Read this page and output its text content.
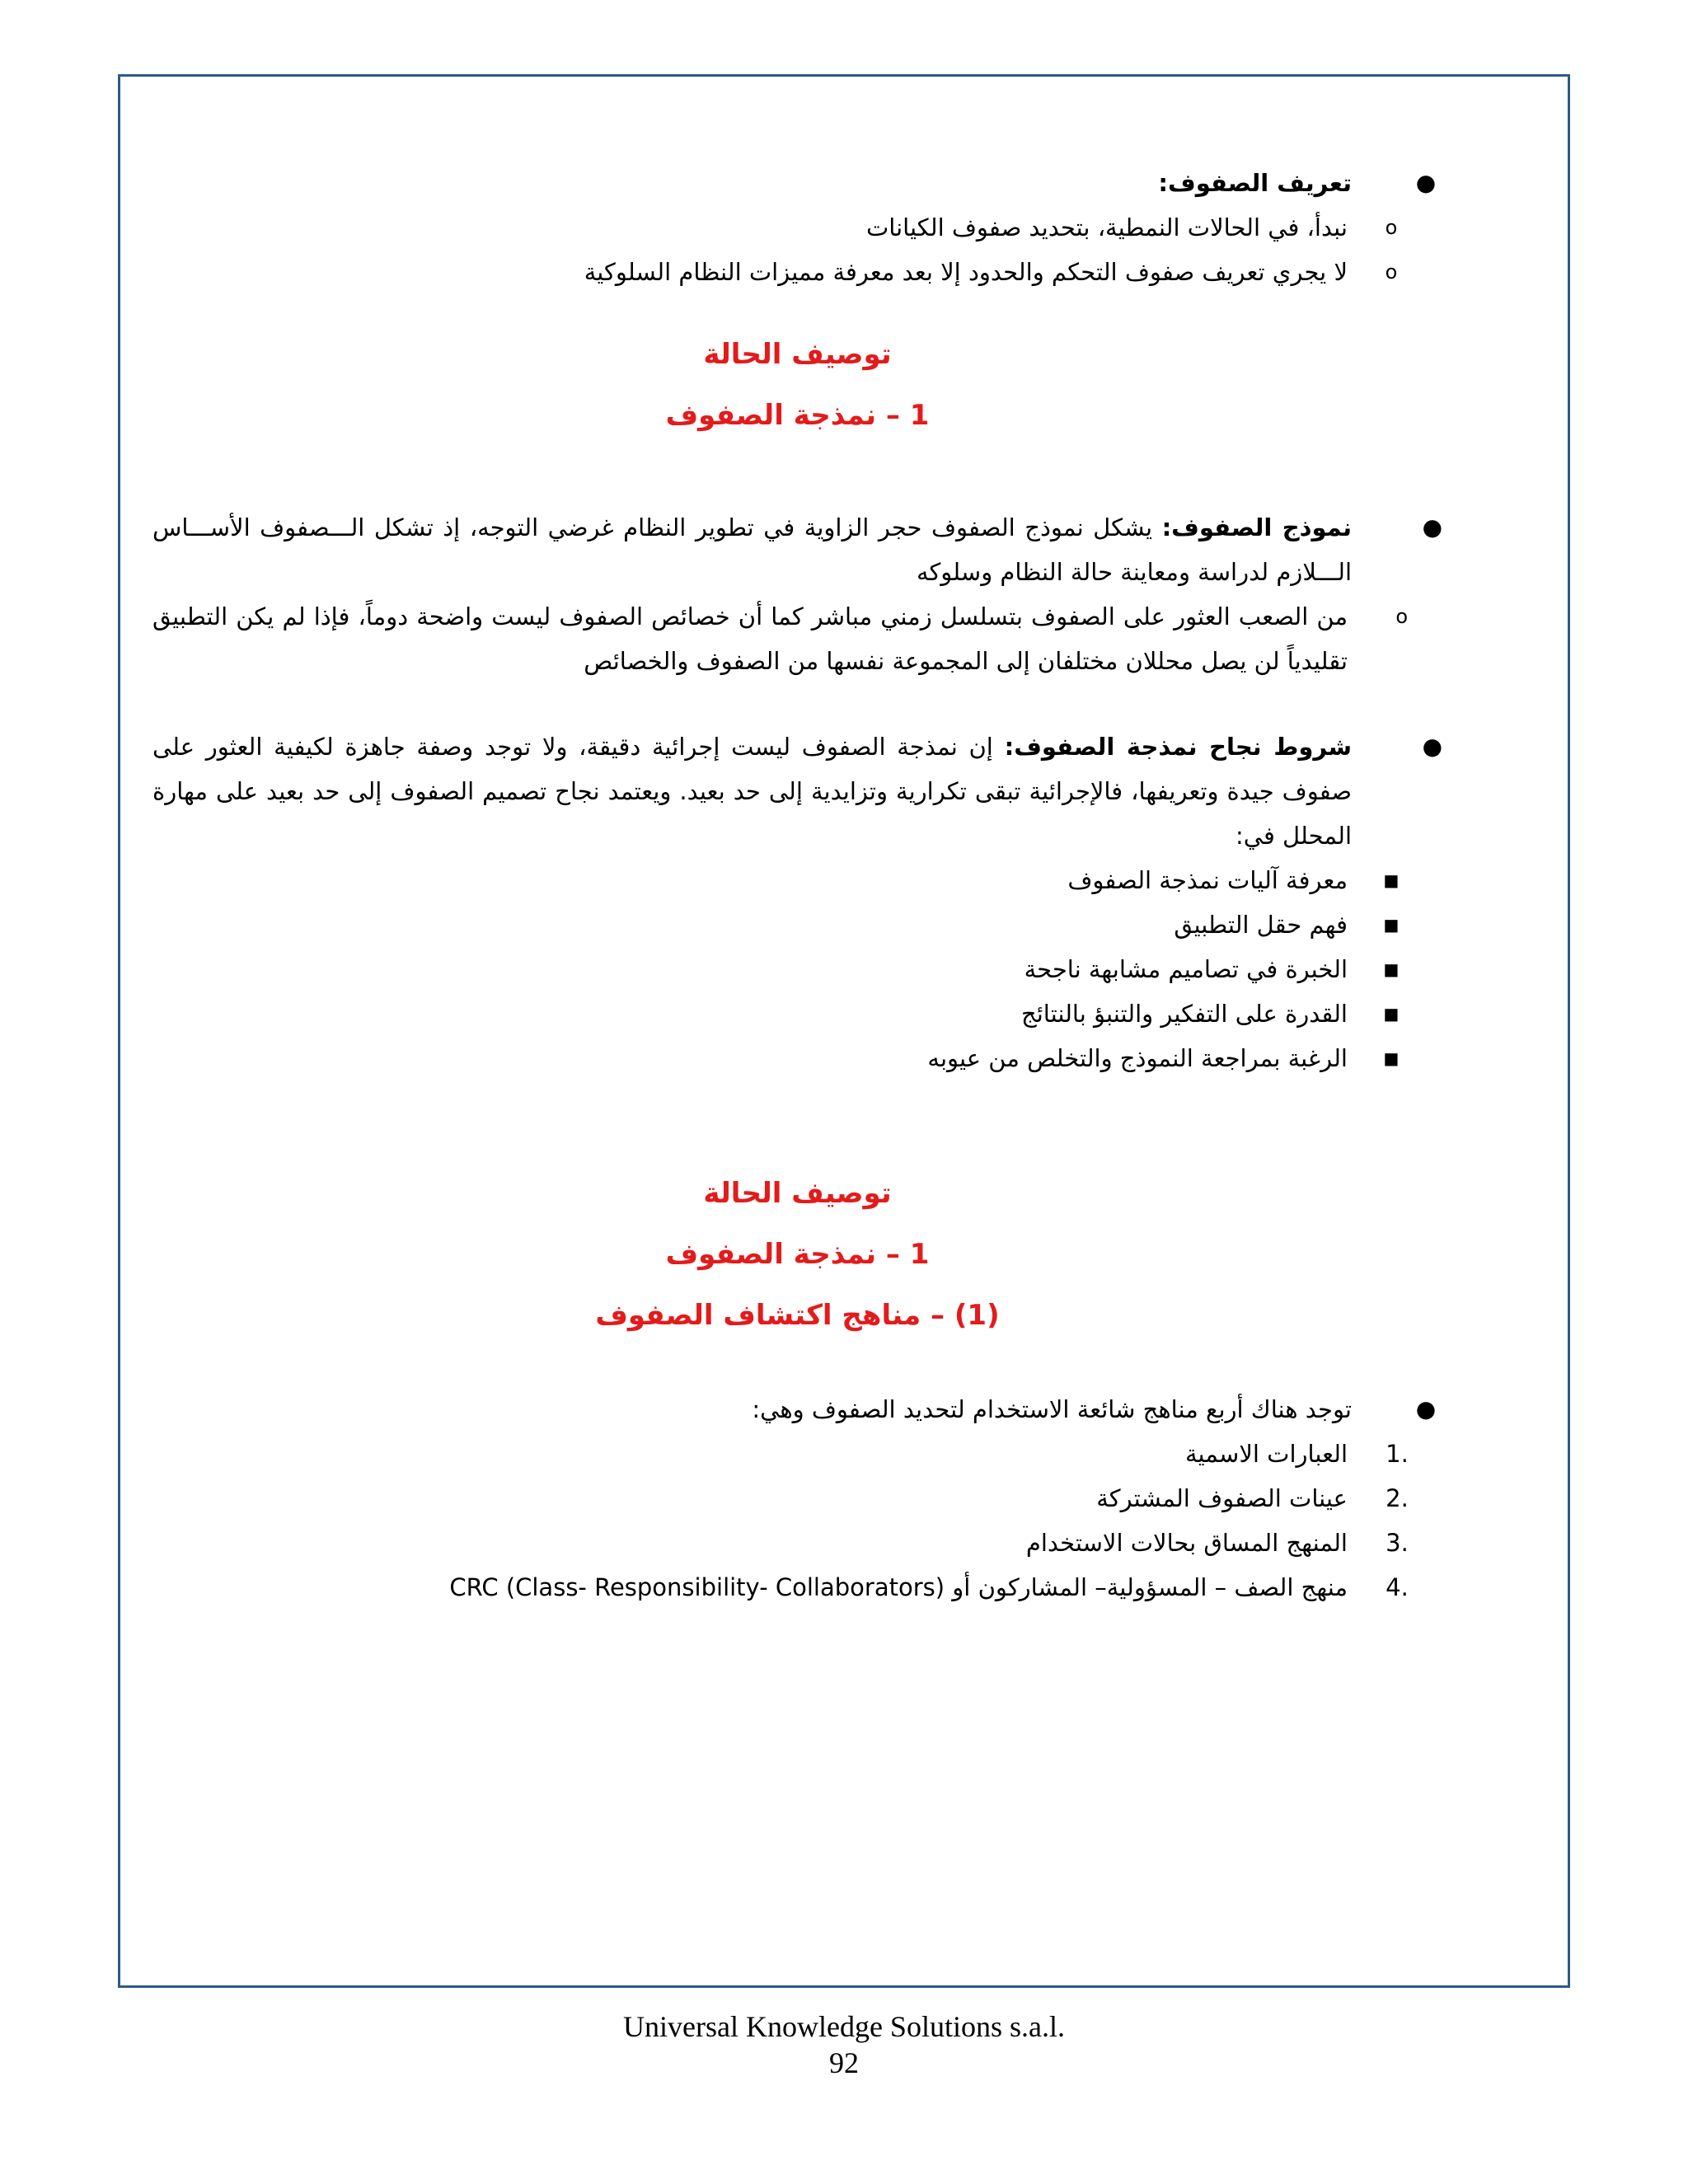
●
تعريف الصفوف:
o
نبدأ، في الحالات النمطية، بتحديد صفوف الكيانات
o
لا يجري تعريف صفوف التحكم والحدود إلا بعد معرفة مميزات النظام السلوكية
توصيف الحالة
1 – نمذجة الصفوف
●
نموذج الصفوف: يشكل نموذج الصفوف حجر الزاوية في تطوير النظام غرضي التوجه، إذ تشكل الـــصفوف الأســـاس الـــلازم لدراسة ومعاينة حالة النظام وسلوكه
o
من الصعب العثور على الصفوف بتسلسل زمني مباشر كما أن خصائص الصفوف ليست واضحة دوماً، فإذا لم يكن التطبيق تقليدياً لن يصل محللان مختلفان إلى المجموعة نفسها من الصفوف والخصائص
●
شروط نجاح نمذجة الصفوف: إن نمذجة الصفوف ليست إجرائية دقيقة، ولا توجد وصفة جاهزة لكيفية العثور على صفوف جيدة وتعريفها، فالإجرائية تبقى تكرارية وتزايدية إلى حد بعيد. ويعتمد نجاح تصميم الصفوف إلى حد بعيد على مهارة المحلل في:
■
معرفة آليات نمذجة الصفوف
■
فهم حقل التطبيق
■
الخبرة في تصاميم مشابهة ناجحة
■
القدرة على التفكير والتنبؤ بالنتائج
■
الرغبة بمراجعة النموذج والتخلص من عيوبه
توصيف الحالة
1 – نمذجة الصفوف
(1) – مناهج اكتشاف الصفوف
●
توجد هناك أربع مناهج شائعة الاستخدام لتحديد الصفوف وهي:
1.
العبارات الاسمية
2.
عينات الصفوف المشتركة
3.
المنهج المساق بحالات الاستخدام
4.
منهج الصف – المسؤولية– المشاركون أو CRC (Class- Responsibility- Collaborators)
Universal Knowledge Solutions s.a.l.
92
